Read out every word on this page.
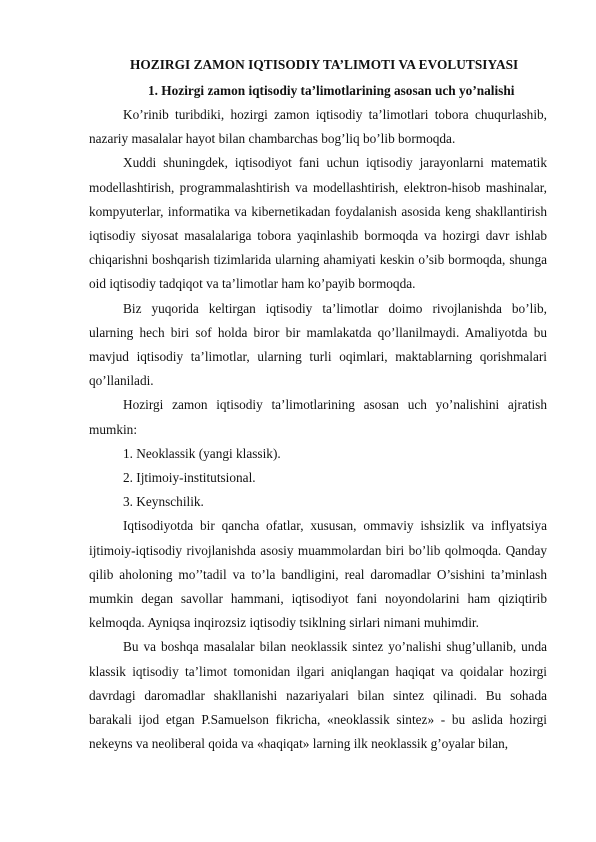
HOZIRGI ZAMON IQTISODIY TA’LIMOTI VA EVOLUTSIYASI
1. Hozirgi zamon iqtisodiy ta’limotlarining asosan uch yo’nalishi

Ko’rinib turibdiki, hozirgi zamon iqtisodiy ta’limotlari tobora chuqurlashib, nazariy masalalar hayot bilan chambarchas bog’liq bo’lib bormoqda.

Xuddi shuningdek, iqtisodiyot fani uchun iqtisodiy jarayonlarni matematik modellashtirish, programmalashtirish va modellashtirish, elektron-hisob mashinalar, kompyuterlar, informatika va kibernetikadan foydalanish asosida keng shakllantirish iqtisodiy siyosat masalalariga tobora yaqinlashib bormoqda va hozirgi davr ishlab chiqarishni boshqarish tizimlarida ularning ahamiyati keskin o’sib bormoqda, shunga oid iqtisodiy tadqiqot va ta’limotlar ham ko’payib bormoqda.

Biz yuqorida keltirgan iqtisodiy ta’limotlar doimo rivojlanishda bo’lib, ularning hech biri sof holda biror bir mamlakatda qo’llanilmaydi. Amaliyotda bu mavjud iqtisodiy ta’limotlar, ularning turli oqimlari, maktablarning qorishmalari qo’llaniladi.

Hozirgi zamon iqtisodiy ta’limotlarining asosan uch yo’nalishini ajratish mumkin:

1. Neoklassik (yangi klassik).

2. Ijtimoiy-institutsional.

3. Keynschilik.

Iqtisodiyotda bir qancha ofatlar, xususan, ommaviy ishsizlik va inflyatsiya ijtimoiy-iqtisodiy rivojlanishda asosiy muammolardan biri bo’lib qolmoqda. Qanday qilib aholoning mo’’tadil va to’la bandligini, real daromadlar O’sishini ta’minlash mumkin degan savollar hammani, iqtisodiyot fani noyondolarini ham qiziqtirib kelmoqda. Ayniqsa inqirozsiz iqtisodiy tsiklning sirlari nimani muhimdir.

Bu va boshqa masalalar bilan neoklassik sintez yo’nalishi shug’ullanib, unda klassik iqtisodiy ta’limot tomonidan ilgari aniqlangan haqiqat va qoidalar hozirgi davrdagi daromadlar shakllanishi nazariyalari bilan sintez qilinadi. Bu sohada barakali ijod etgan P.Samuelson fikricha, «neoklassik sintez» - bu aslida hozirgi nekeyns va neoliberal qoida va «haqiqat» larning ilk neoklassik g’oyalar bilan,
